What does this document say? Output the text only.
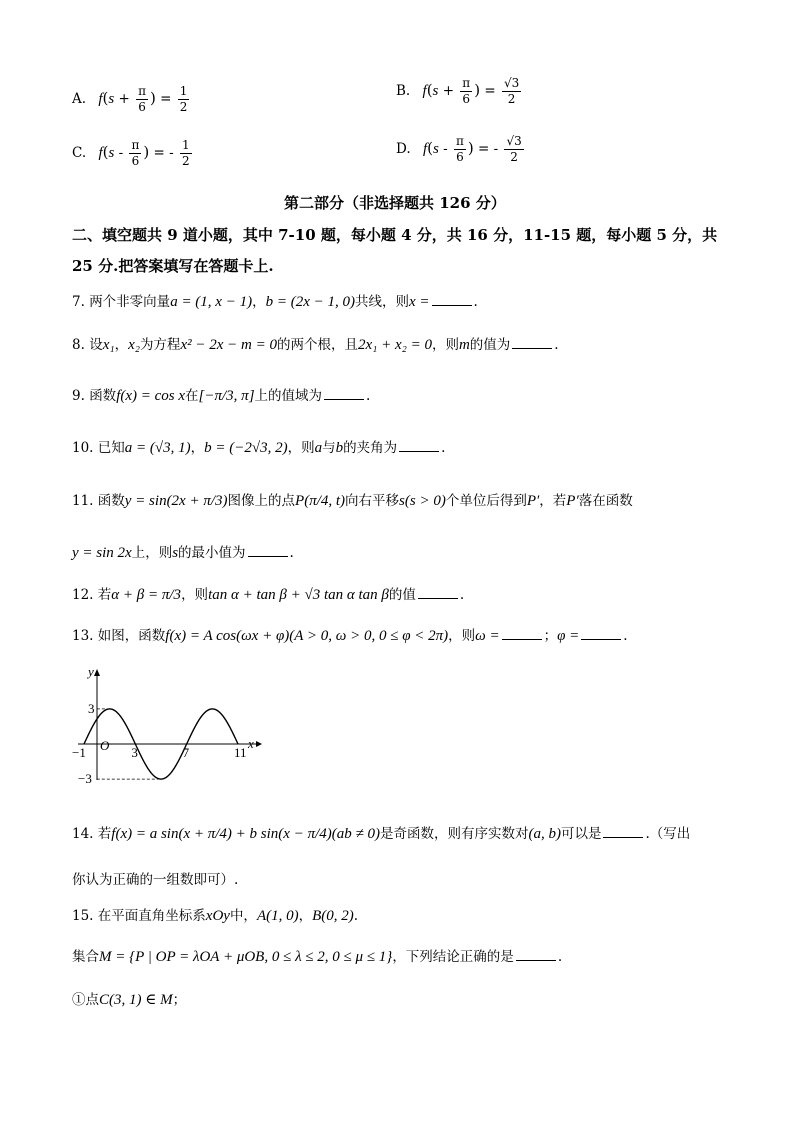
A. $f(s + \frac{\pi}{6}$ ) = $\frac{1}{2}$	B. $f(s + \frac{\pi}{6}$ ) = $\frac{√3}{2}$
C. $f(s - \frac{\pi}{6}$ ) = - $\frac{1}{2}$	D. $f(s - \frac{\pi}{6}$ ) = - $\frac{√3}{2}$
第二部分（非选择题共 126 分）
二、填空题共 9 道小题，其中 7-10 题，每小题 4 分，共 16 分，11-15 题，每小题 5 分，共
25 分.把答案填写在答题卡上.
7. 两个非零向量a = (1, x − 1)，b = (2x − 1, 0)共线，则x =	.
8. 设x₁，x₂为方程x² − 2x − m = 0的两个根，且2x₁ + x₂ = 0，则m的值为	.
9. 函数f(x) = cos x在[−π/3, π]上的值域为	.
10. 已知a = (√3, 1)，b = (−2√3, 2)，则a与b的夹角为	.
11. 函数y = sin(2x + π/3)图像上的点P(π/4, t)向右平移s(s > 0)个单位后得到P′，若P′落在函数
y = sin 2x上，则s的最小值为	.
12. 若α + β = π/3，则tan α + tan β + √3 tan α tan β的值	.
13. 如图，函数f(x) = A cos(ωx + φ)(A > 0, ω > 0, 0 ≤ φ < 2π)，则ω =	；φ =	.
y
x
O
−1	3	7	11
3
−3
14. 若f(x) = a sin(x + π/4) + b sin(x − π/4)(ab ≠ 0)是奇函数，则有序实数对(a, b)可以是	.（写出
你认为正确的一组数即可）.
15. 在平面直角坐标系xOy中，A(1, 0)，B(0, 2).
集合M = {P | OP = λOA + μOB, 0 ≤ λ ≤ 2, 0 ≤ μ ≤ 1}，下列结论正确的是	.
①点C(3, 1) ∈ M；
